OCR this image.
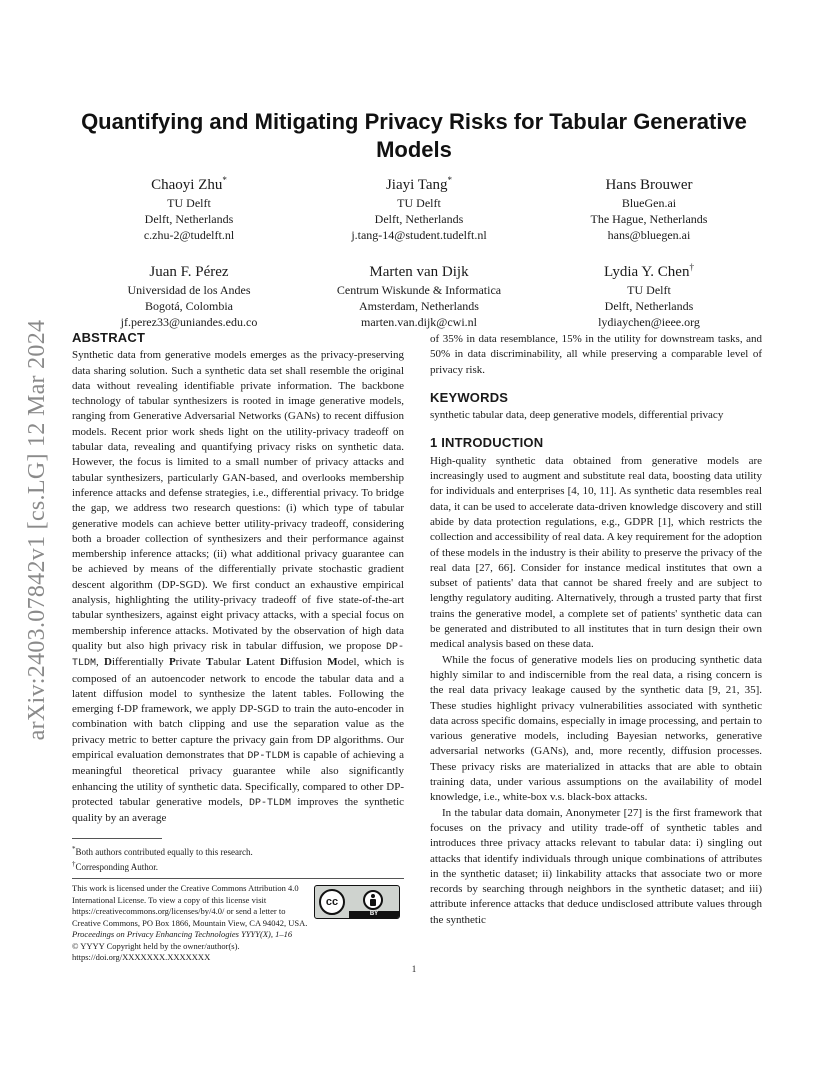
arXiv:2403.07842v1 [cs.LG] 12 Mar 2024
Quantifying and Mitigating Privacy Risks for Tabular Generative Models
Chaoyi Zhu*
TU Delft
Delft, Netherlands
c.zhu-2@tudelft.nl
Jiayi Tang*
TU Delft
Delft, Netherlands
j.tang-14@student.tudelft.nl
Hans Brouwer
BlueGen.ai
The Hague, Netherlands
hans@bluegen.ai
Juan F. Pérez
Universidad de los Andes
Bogotá, Colombia
jf.perez33@uniandes.edu.co
Marten van Dijk
Centrum Wiskunde & Informatica
Amsterdam, Netherlands
marten.van.dijk@cwi.nl
Lydia Y. Chen†
TU Delft
Delft, Netherlands
lydiaychen@ieee.org
ABSTRACT

Synthetic data from generative models emerges as the privacy-preserving data sharing solution. Such a synthetic data set shall resemble the original data without revealing identifiable private information. The backbone technology of tabular synthesizers is rooted in image generative models, ranging from Generative Adversarial Networks (GANs) to recent diffusion models. Recent prior work sheds light on the utility-privacy tradeoff on tabular data, revealing and quantifying privacy risks on synthetic data. However, the focus is limited to a small number of privacy attacks and tabular synthesizers, particularly GAN-based, and overlooks membership inference attacks and defense strategies, i.e., differential privacy. To bridge the gap, we address two research questions: (i) which type of tabular generative models can achieve better utility-privacy tradeoff, considering both a broader collection of synthesizers and their performance against membership inference attacks; (ii) what additional privacy guarantee can be achieved by means of the differentially private stochastic gradient descent algorithm (DP-SGD). We first conduct an exhaustive empirical analysis, highlighting the utility-privacy tradeoff of five state-of-the-art tabular synthesizers, against eight privacy attacks, with a special focus on membership inference attacks. Motivated by the observation of high data quality but also high privacy risk in tabular diffusion, we propose DP-TLDM, Differentially Private Tabular Latent Diffusion Model, which is composed of an autoencoder network to encode the tabular data and a latent diffusion model to synthesize the latent tables. Following the emerging f-DP framework, we apply DP-SGD to train the auto-encoder in combination with batch clipping and use the separation value as the privacy metric to better capture the privacy gain from DP algorithms. Our empirical evaluation demonstrates that DP-TLDM is capable of achieving a meaningful theoretical privacy guarantee while also significantly enhancing the utility of synthetic data. Specifically, compared to other DP-protected tabular generative models, DP-TLDM improves the synthetic quality by an average

*Both authors contributed equally to this research.
†Corresponding Author.
This work is licensed under the Creative Commons Attribution 4.0 International License. To view a copy of this license visit https://creativecommons.org/licenses/by/4.0/ or send a letter to Creative Commons, PO Box 1866, Mountain View, CA 94042, USA.
Proceedings on Privacy Enhancing Technologies YYYY(X), 1–16
© YYYY Copyright held by the owner/author(s).
https://doi.org/XXXXXXX.XXXXXXX
cc
BY

of 35% in data resemblance, 15% in the utility for downstream tasks, and 50% in data discriminability, all while preserving a comparable level of privacy risk.

KEYWORDS

synthetic tabular data, deep generative models, differential privacy

1 INTRODUCTION

High-quality synthetic data obtained from generative models are increasingly used to augment and substitute real data, boosting data utility for individuals and enterprises [4, 10, 11]. As synthetic data resembles real data, it can be used to accelerate data-driven knowledge discovery and still abide by data protection regulations, e.g., GDPR [1], which restricts the collection and accessibility of real data. A key requirement for the adoption of these models in the industry is their ability to preserve the privacy of the real data [27, 66]. Consider for instance medical institutes that own a subset of patients' data that cannot be shared freely and are subject to lengthy regulatory auditing. Alternatively, through a trusted party that first trains the generative model, a complete set of patients' synthetic data can be generated and distributed to all institutes that in turn design their own medical analysis based on these data.

While the focus of generative models lies on producing synthetic data highly similar to and indiscernible from the real data, a rising concern is the real data privacy leakage caused by the synthetic data [9, 21, 35]. These studies highlight privacy vulnerabilities associated with synthetic data across specific domains, especially in image processing, and pertain to various generative models, including Bayesian networks, generative adversarial networks (GANs), and, more recently, diffusion processes. These privacy risks are materialized in attacks that are able to obtain training data, under various assumptions on the availability of model knowledge, i.e., white-box v.s. black-box attacks.

In the tabular data domain, Anonymeter [27] is the first framework that focuses on the privacy and utility trade-off of synthetic tables and introduces three privacy attacks relevant to tabular data: i) singling out attacks that identify individuals through unique combinations of attributes in the synthetic dataset; ii) linkability attacks that associate two or more records by searching through neighbors in the synthetic dataset; and iii) attribute inference attacks that deduce undisclosed attribute values through the synthetic

1
